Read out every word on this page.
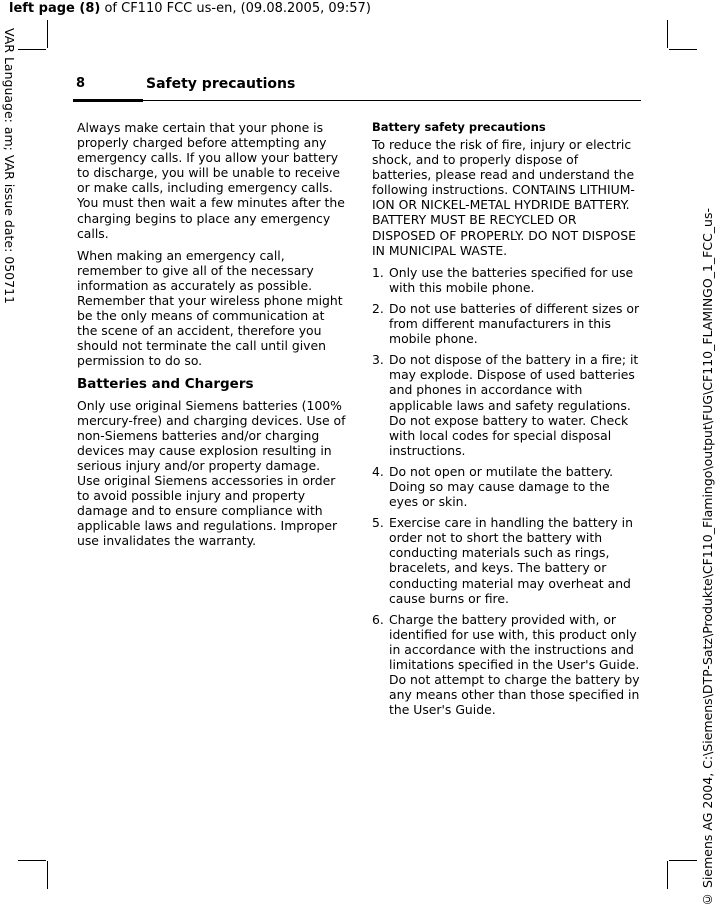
left page (8) of CF110 FCC us-en, (09.08.2005, 09:57)
VAR Language: am; VAR issue date: 050711
© Siemens AG 2004, C:\Siemens\DTP-Satz\Produkte\CF110_Flamingo\output\FUG\CF110_FLAMINGO_1_FCC_us-
8	Safety precautions

Always make certain that your phone is properly charged before attempting any emergency calls. If you allow your battery to discharge, you will be unable to receive or make calls, including emergency calls. You must then wait a few minutes after the charging begins to place any emergency calls.

When making an emergency call, remember to give all of the necessary information as accurately as possible. Remember that your wireless phone might be the only means of communication at the scene of an accident, therefore you should not terminate the call until given permission to do so.

Batteries and Chargers

Only use original Siemens batteries (100% mercury-free) and charging devices. Use of non-Siemens batteries and/or charging devices may cause explosion resulting in serious injury and/or property damage. Use original Siemens accessories in order to avoid possible injury and property damage and to ensure compliance with applicable laws and regulations. Improper use invalidates the warranty.

Battery safety precautions

To reduce the risk of fire, injury or electric shock, and to properly dispose of batteries, please read and understand the following instructions. CONTAINS LITHIUM-ION OR NICKEL-METAL HYDRIDE BATTERY. BATTERY MUST BE RECYCLED OR DISPOSED OF PROPERLY. DO NOT DISPOSE IN MUNICIPAL WASTE.

1. Only use the batteries specified for use with this mobile phone.
2. Do not use batteries of different sizes or from different manufacturers in this mobile phone.
3. Do not dispose of the battery in a fire; it may explode. Dispose of used batteries and phones in accordance with applicable laws and safety regulations. Do not expose battery to water. Check with local codes for special disposal instructions.
4. Do not open or mutilate the battery. Doing so may cause damage to the eyes or skin.
5. Exercise care in handling the battery in order not to short the battery with conducting materials such as rings, bracelets, and keys. The battery or conducting material may overheat and cause burns or fire.
6. Charge the battery provided with, or identified for use with, this product only in accordance with the instructions and limitations specified in the User's Guide. Do not attempt to charge the battery by any means other than those specified in the User's Guide.
